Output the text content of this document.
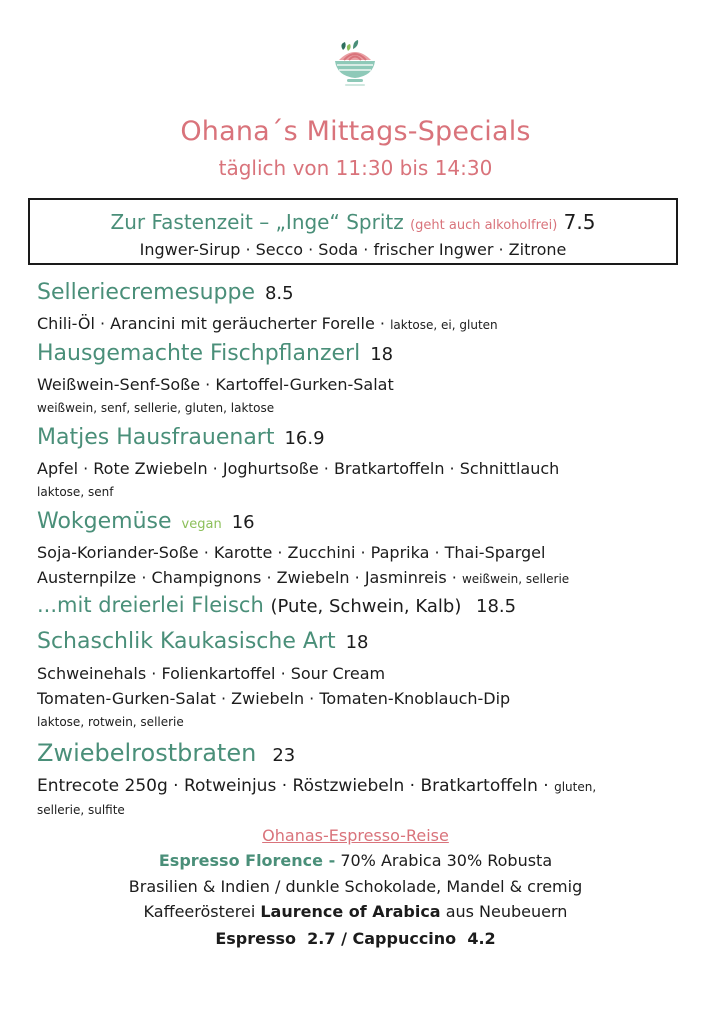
Ohana´s Mittags-Specials
täglich von 11:30 bis 14:30
Zur Fastenzeit – „Inge“ Spritz (geht auch alkoholfrei) 7.5
Ingwer-Sirup · Secco · Soda · frischer Ingwer · Zitrone
Selleriecremesuppe 8.5
Chili-Öl · Arancini mit geräucherter Forelle · laktose, ei, gluten
Hausgemachte Fischpflanzerl 18
Weißwein-Senf-Soße · Kartoffel-Gurken-Salat
weißwein, senf, sellerie, gluten, laktose
Matjes Hausfrauenart 16.9
Apfel · Rote Zwiebeln · Joghurtsoße · Bratkartoffeln · Schnittlauch
laktose, senf
Wokgemüse vegan 16
Soja-Koriander-Soße · Karotte · Zucchini · Paprika · Thai-Spargel
Austernpilze · Champignons · Zwiebeln · Jasminreis · weißwein, sellerie
...mit dreierlei Fleisch (Pute, Schwein, Kalb) 18.5
Schaschlik Kaukasische Art 18
Schweinehals · Folienkartoffel · Sour Cream
Tomaten-Gurken-Salat · Zwiebeln · Tomaten-Knoblauch-Dip
laktose, rotwein, sellerie
Zwiebelrostbraten 23
Entrecote 250g · Rotweinjus · Röstzwiebeln · Bratkartoffeln · gluten,
sellerie, sulfite
Ohanas-Espresso-Reise
Espresso Florence - 70% Arabica 30% Robusta
Brasilien & Indien / dunkle Schokolade, Mandel & cremig
Kaffeerösterei Laurence of Arabica aus Neubeuern
Espresso  2.7 / Cappuccino  4.2
